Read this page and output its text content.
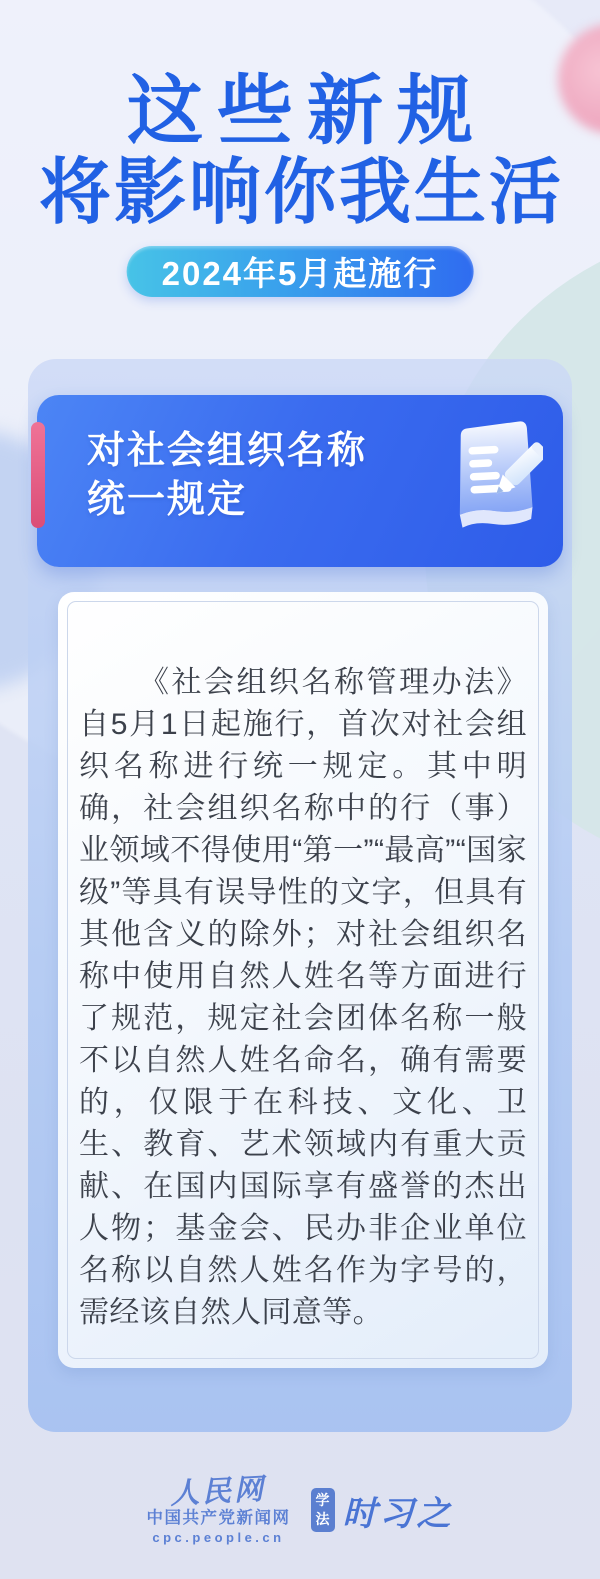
这些新规
将影响你我生活
2024年5月起施行
对社会组织名称
统一规定

《社会组织名称管理办法》自5月1日起施行，首次对社会组织名称进行统一规定。其中明确，社会组织名称中的行（事）业领域不得使用“第一”“最高”“国家级”等具有误导性的文字，但具有其他含义的除外；对社会组织名称中使用自然人姓名等方面进行了规范，规定社会团体名称一般不以自然人姓名命名，确有需要的，仅限于在科技、文化、卫生、教育、艺术领域内有重大贡献、在国内国际享有盛誉的杰出人物；基金会、民办非企业单位名称以自然人姓名作为字号的，需经该自然人同意等。

人民网
中国共产党新闻网
cpc.people.cn
学
法 时习之
